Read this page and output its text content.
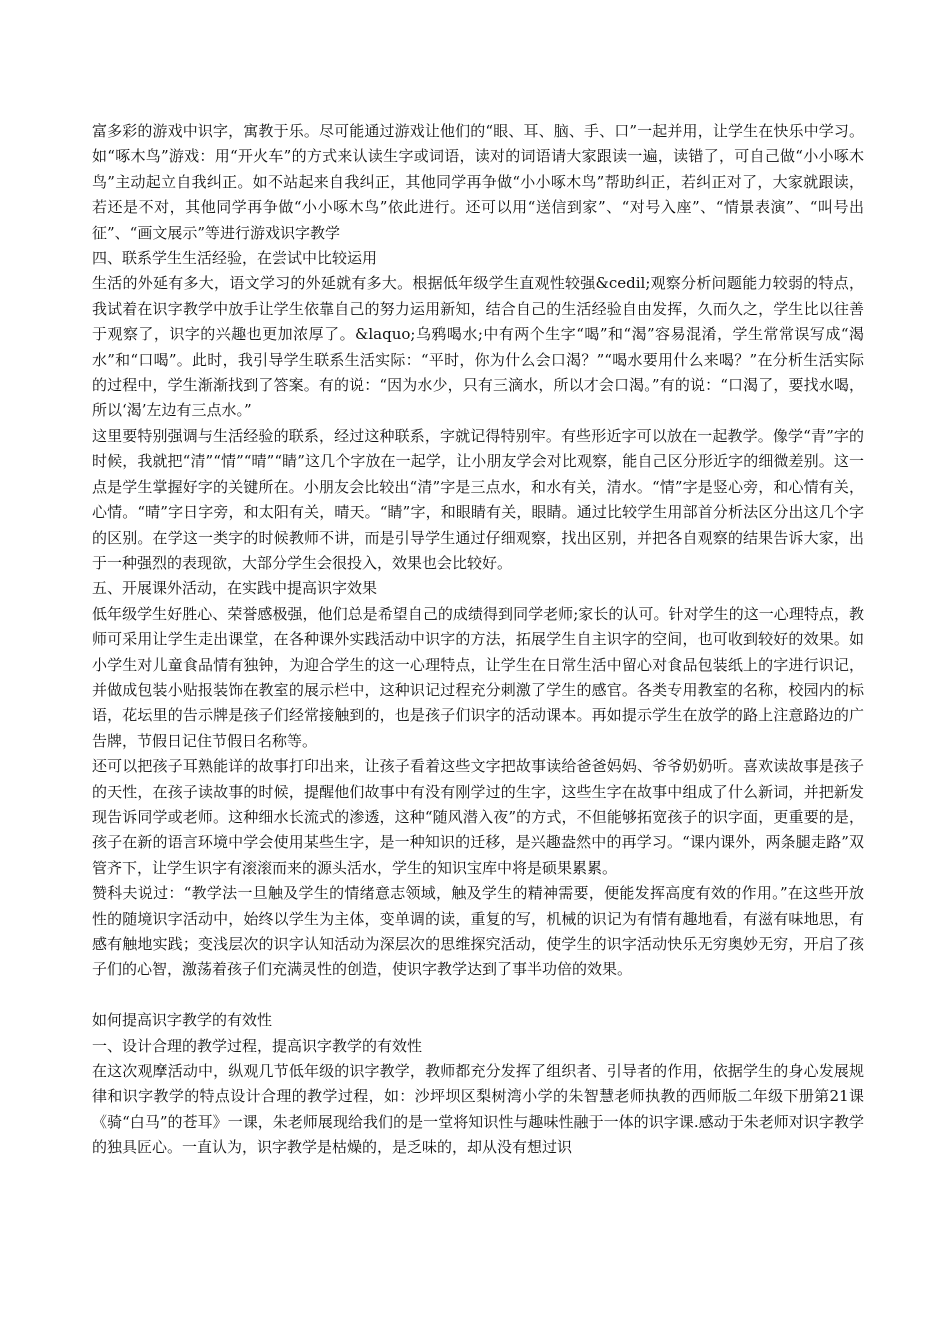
富多彩的游戏中识字，寓教于乐。尽可能通过游戏让他们的“眼、耳、脑、手、口”一起并用，让学生在快乐中学习。如“啄木鸟”游戏：用“开火车”的方式来认读生字或词语，读对的词语请大家跟读一遍，读错了，可自己做“小小啄木鸟”主动起立自我纠正。如不站起来自我纠正，其他同学再争做“小小啄木鸟”帮助纠正，若纠正对了，大家就跟读，若还是不对，其他同学再争做“小小啄木鸟”依此进行。还可以用“送信到家”、“对号入座”、“情景表演”、“叫号出征”、“画文展示”等进行游戏识字教学

四、联系学生生活经验，在尝试中比较运用

生活的外延有多大，语文学习的外延就有多大。根据低年级学生直观性较强&cedil;观察分析问题能力较弱的特点，我试着在识字教学中放手让学生依靠自己的努力运用新知，结合自己的生活经验自由发挥，久而久之，学生比以往善于观察了，识字的兴趣也更加浓厚了。&laquo;乌鸦喝水;中有两个生字“喝”和“渴”容易混淆，学生常常误写成“渴水”和“口喝”。此时，我引导学生联系生活实际：“平时，你为什么会口渴？”“喝水要用什么来喝？”在分析生活实际的过程中，学生渐渐找到了答案。有的说：“因为水少，只有三滴水，所以才会口渴。”有的说：“口渴了，要找水喝，所以‘渴’左边有三点水。”

这里要特别强调与生活经验的联系，经过这种联系，字就记得特别牢。有些形近字可以放在一起教学。像学“青”字的时候，我就把“清”“情”“晴”“睛”这几个字放在一起学，让小朋友学会对比观察，能自己区分形近字的细微差别。这一点是学生掌握好字的关键所在。小朋友会比较出“清”字是三点水，和水有关，清水。“情”字是竖心旁，和心情有关，心情。“晴”字日字旁，和太阳有关，晴天。“睛”字，和眼睛有关，眼睛。通过比较学生用部首分析法区分出这几个字的区别。在学这一类字的时候教师不讲，而是引导学生通过仔细观察，找出区别，并把各自观察的结果告诉大家，出于一种强烈的表现欲，大部分学生会很投入，效果也会比较好。

五、开展课外活动，在实践中提高识字效果

低年级学生好胜心、荣誉感极强，他们总是希望自己的成绩得到同学老师;家长的认可。针对学生的这一心理特点，教师可采用让学生走出课堂，在各种课外实践活动中识字的方法，拓展学生自主识字的空间，也可收到较好的效果。如小学生对儿童食品情有独钟，为迎合学生的这一心理特点，让学生在日常生活中留心对食品包装纸上的字进行识记，并做成包装小贴报装饰在教室的展示栏中，这种识记过程充分刺激了学生的感官。各类专用教室的名称，校园内的标语，花坛里的告示牌是孩子们经常接触到的，也是孩子们识字的活动课本。再如提示学生在放学的路上注意路边的广告牌，节假日记住节假日名称等。

还可以把孩子耳熟能详的故事打印出来，让孩子看着这些文字把故事读给爸爸妈妈、爷爷奶奶听。喜欢读故事是孩子的天性，在孩子读故事的时候，提醒他们故事中有没有刚学过的生字，这些生字在故事中组成了什么新词，并把新发现告诉同学或老师。这种细水长流式的渗透，这种“随风潜入夜”的方式，不但能够拓宽孩子的识字面，更重要的是，孩子在新的语言环境中学会使用某些生字，是一种知识的迁移，是兴趣盎然中的再学习。“课内课外，两条腿走路”双管齐下，让学生识字有滚滚而来的源头活水，学生的知识宝库中将是硕果累累。

赞科夫说过：“教学法一旦触及学生的情绪意志领域，触及学生的精神需要，便能发挥高度有效的作用。”在这些开放性的随境识字活动中，始终以学生为主体，变单调的读，重复的写，机械的识记为有情有趣地看，有滋有味地思，有感有触地实践；变浅层次的识字认知活动为深层次的思维探究活动，使学生的识字活动快乐无穷奥妙无穷，开启了孩子们的心智，激荡着孩子们充满灵性的创造，使识字教学达到了事半功倍的效果。

如何提高识字教学的有效性

一、设计合理的教学过程，提高识字教学的有效性

在这次观摩活动中，纵观几节低年级的识字教学，教师都充分发挥了组织者、引导者的作用，依据学生的身心发展规律和识字教学的特点设计合理的教学过程，如：沙坪坝区梨树湾小学的朱智慧老师执教的西师版二年级下册第21课《骑“白马”的苍耳》一课，朱老师展现给我们的是一堂将知识性与趣味性融于一体的识字课.感动于朱老师对识字教学的独具匠心。一直认为，识字教学是枯燥的，是乏味的，却从没有想过识
